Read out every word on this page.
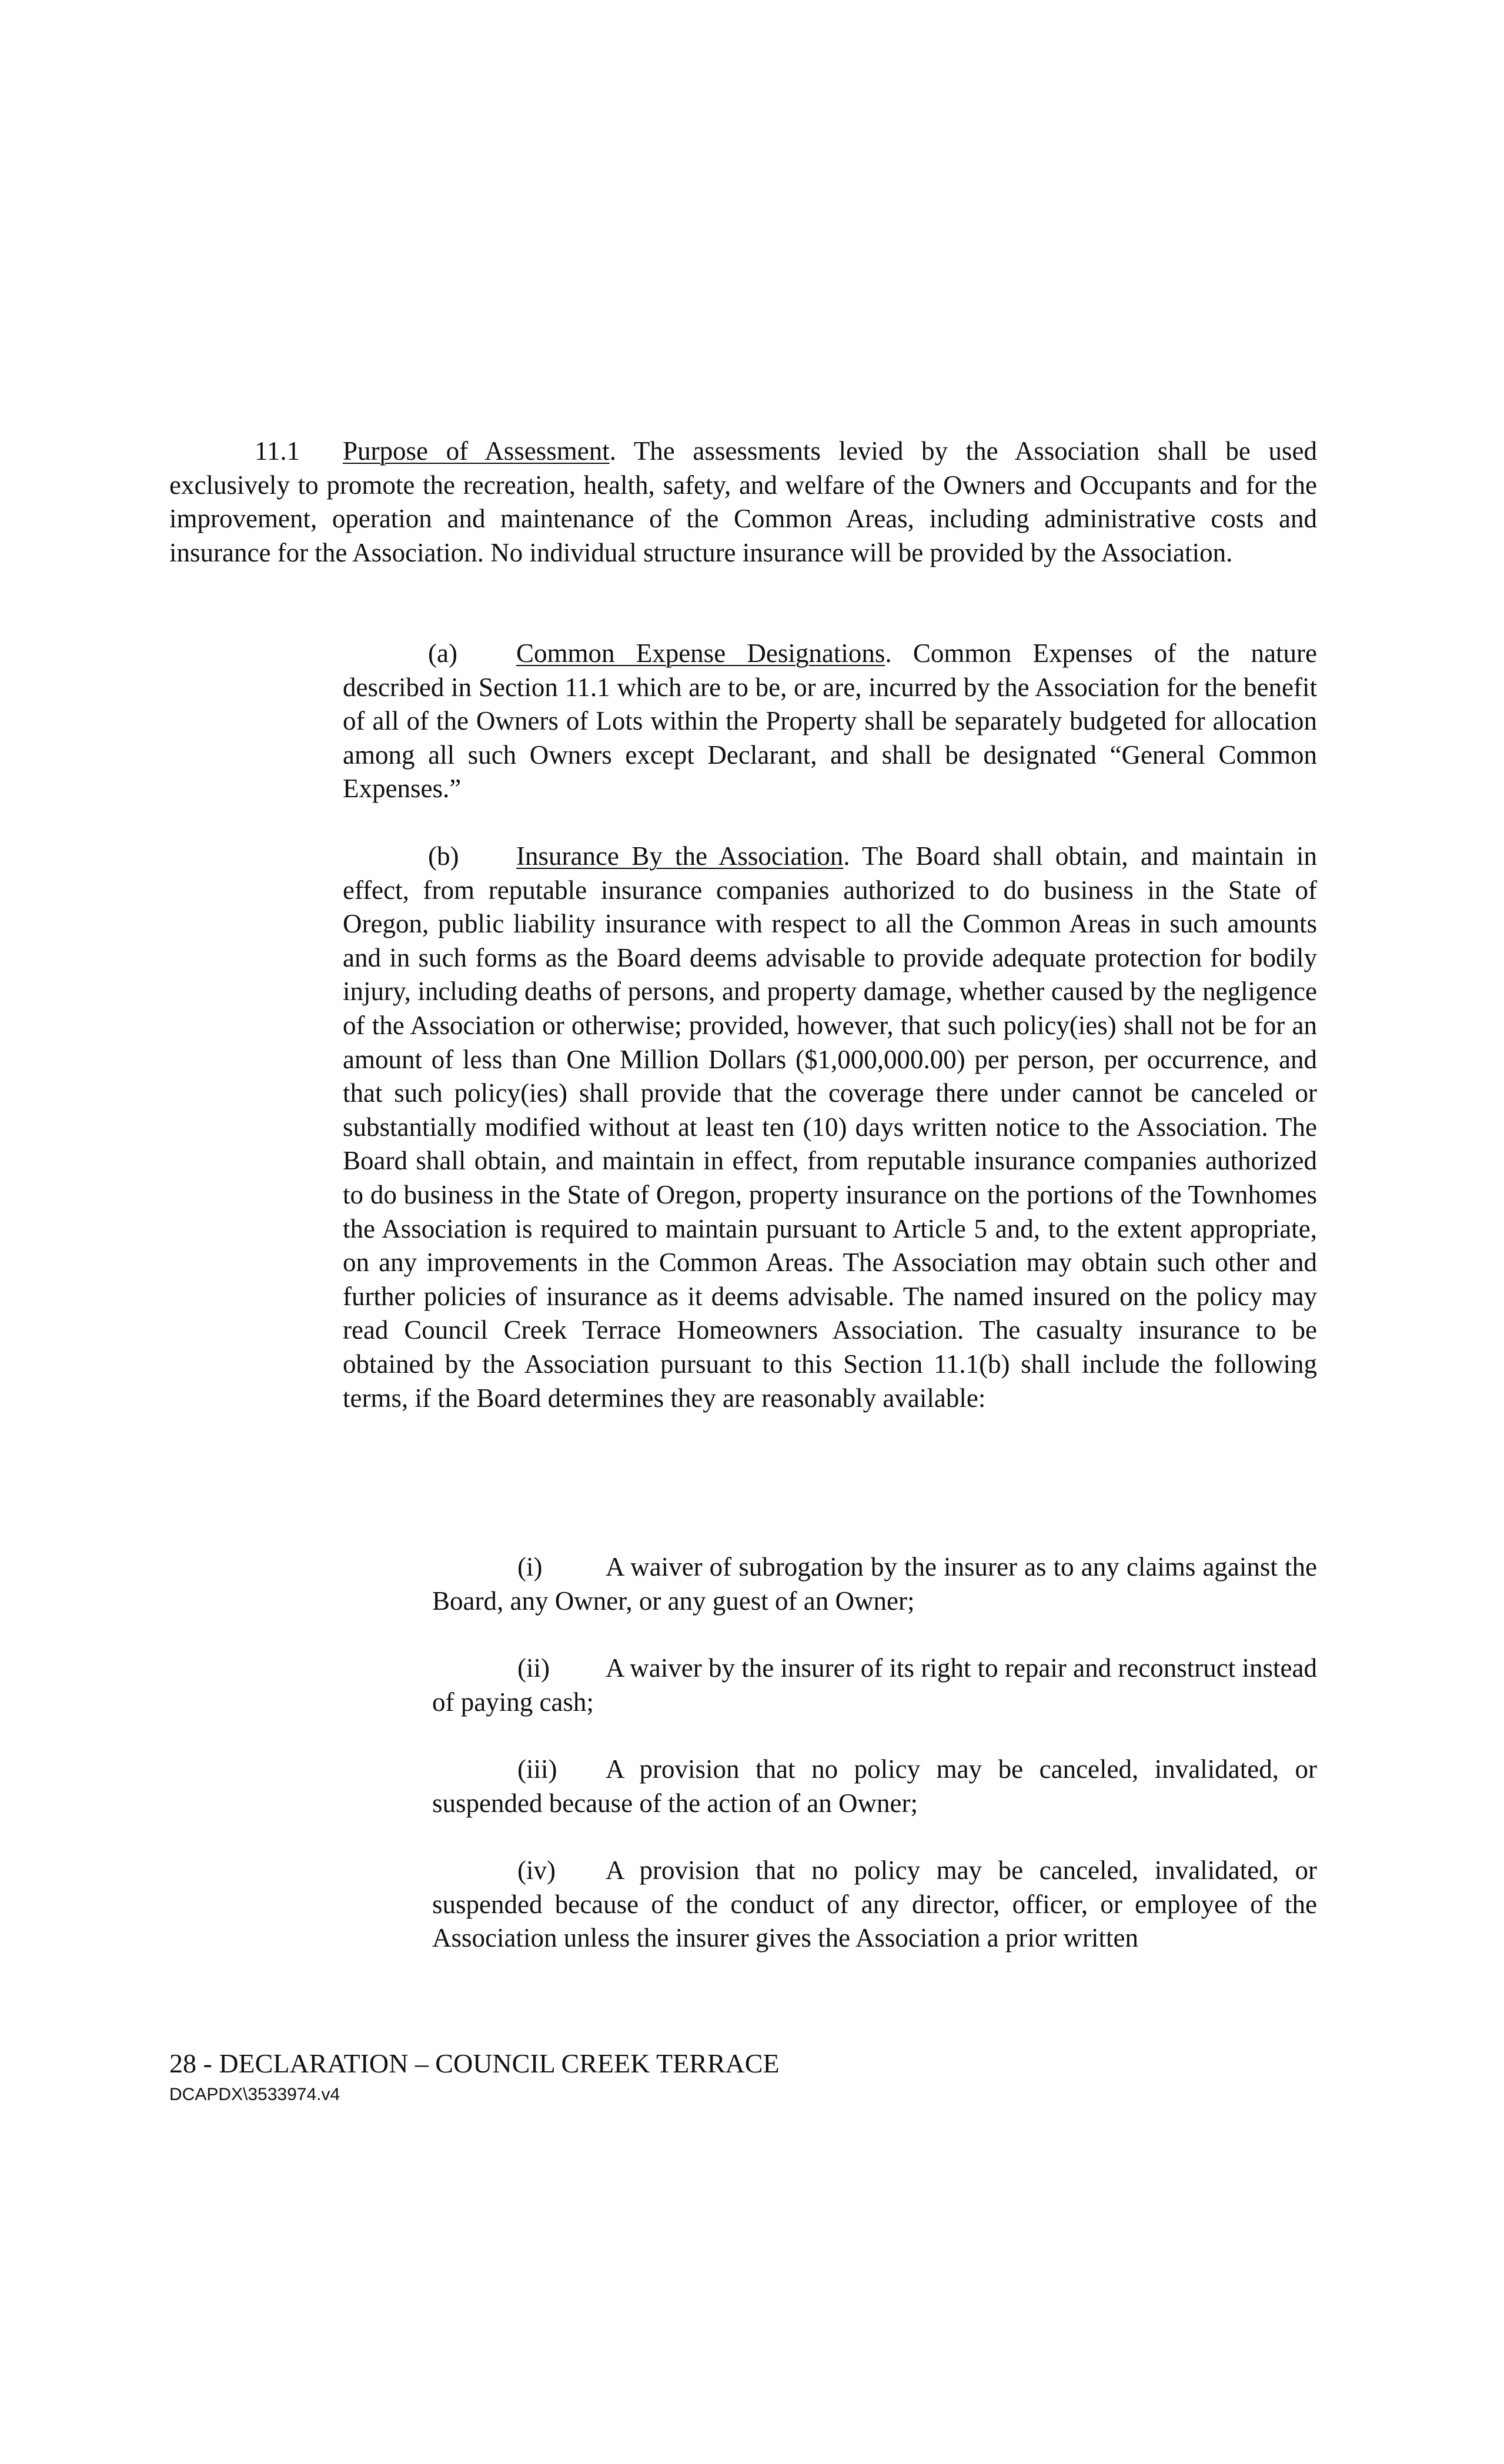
11.1 Purpose of Assessment. The assessments levied by the Association shall be used exclusively to promote the recreation, health, safety, and welfare of the Owners and Occupants and for the improvement, operation and maintenance of the Common Areas, including administrative costs and insurance for the Association. No individual structure insurance will be provided by the Association.

(a) Common Expense Designations. Common Expenses of the nature described in Section 11.1 which are to be, or are, incurred by the Association for the benefit of all of the Owners of Lots within the Property shall be separately budgeted for allocation among all such Owners except Declarant, and shall be designated “General Common Expenses.”

(b) Insurance By the Association. The Board shall obtain, and maintain in effect, from reputable insurance companies authorized to do business in the State of Oregon, public liability insurance with respect to all the Common Areas in such amounts and in such forms as the Board deems advisable to provide adequate protection for bodily injury, including deaths of persons, and property damage, whether caused by the negligence of the Association or otherwise; provided, however, that such policy(ies) shall not be for an amount of less than One Million Dollars ($1,000,000.00) per person, per occurrence, and that such policy(ies) shall provide that the coverage there under cannot be canceled or substantially modified without at least ten (10) days written notice to the Association. The Board shall obtain, and maintain in effect, from reputable insurance companies authorized to do business in the State of Oregon, property insurance on the portions of the Townhomes the Association is required to maintain pursuant to Article 5 and, to the extent appropriate, on any improvements in the Common Areas. The Association may obtain such other and further policies of insurance as it deems advisable. The named insured on the policy may read Council Creek Terrace Homeowners Association. The casualty insurance to be obtained by the Association pursuant to this Section 11.1(b) shall include the following terms, if the Board determines they are reasonably available:

(i) A waiver of subrogation by the insurer as to any claims against the Board, any Owner, or any guest of an Owner;

(ii) A waiver by the insurer of its right to repair and reconstruct instead of paying cash;

(iii) A provision that no policy may be canceled, invalidated, or suspended because of the action of an Owner;

(iv) A provision that no policy may be canceled, invalidated, or suspended because of the conduct of any director, officer, or employee of the Association unless the insurer gives the Association a prior written

28 - DECLARATION – COUNCIL CREEK TERRACE
DCAPDX\3533974.v4
